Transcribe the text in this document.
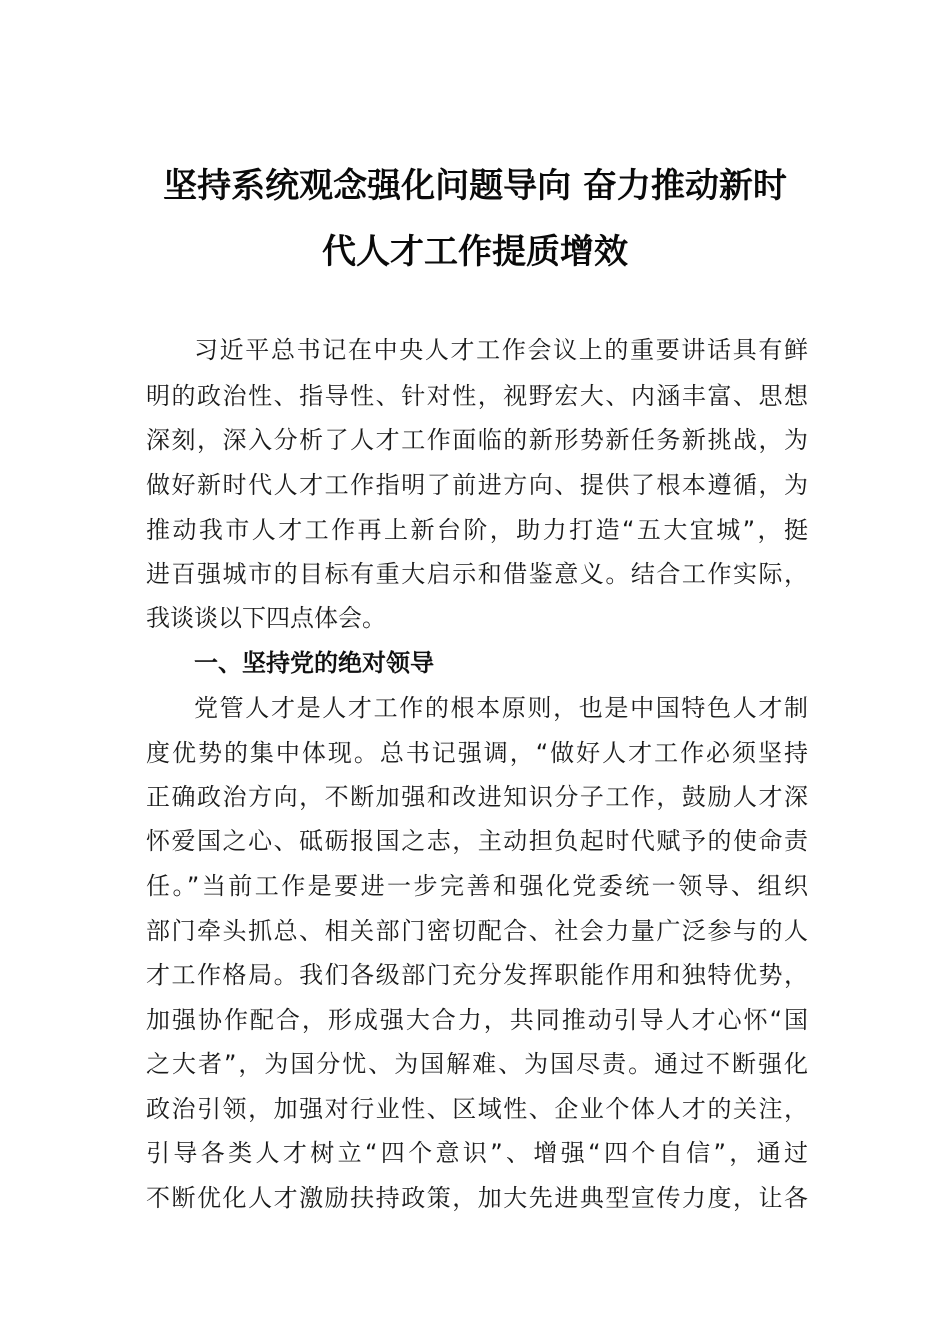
坚持系统观念强化问题导向 奋力推动新时
代人才工作提质增效
习近平总书记在中央人才工作会议上的重要讲话具有鲜
明的政治性、指导性、针对性，视野宏大、内涵丰富、思想
深刻，深入分析了人才工作面临的新形势新任务新挑战，为
做好新时代人才工作指明了前进方向、提供了根本遵循，为
推动我市人才工作再上新台阶，助力打造“五大宜城”，挺
进百强城市的目标有重大启示和借鉴意义。结合工作实际，
我谈谈以下四点体会。
一、坚持党的绝对领导
党管人才是人才工作的根本原则，也是中国特色人才制
度优势的集中体现。总书记强调，“做好人才工作必须坚持
正确政治方向，不断加强和改进知识分子工作，鼓励人才深
怀爱国之心、砥砺报国之志，主动担负起时代赋予的使命责
任。”当前工作是要进一步完善和强化党委统一领导、组织
部门牵头抓总、相关部门密切配合、社会力量广泛参与的人
才工作格局。我们各级部门充分发挥职能作用和独特优势，
加强协作配合，形成强大合力，共同推动引导人才心怀“国
之大者”，为国分忧、为国解难、为国尽责。通过不断强化
政治引领，加强对行业性、区域性、企业个体人才的关注，
引导各类人才树立“四个意识”、增强“四个自信”，通过
不断优化人才激励扶持政策，加大先进典型宣传力度，让各
